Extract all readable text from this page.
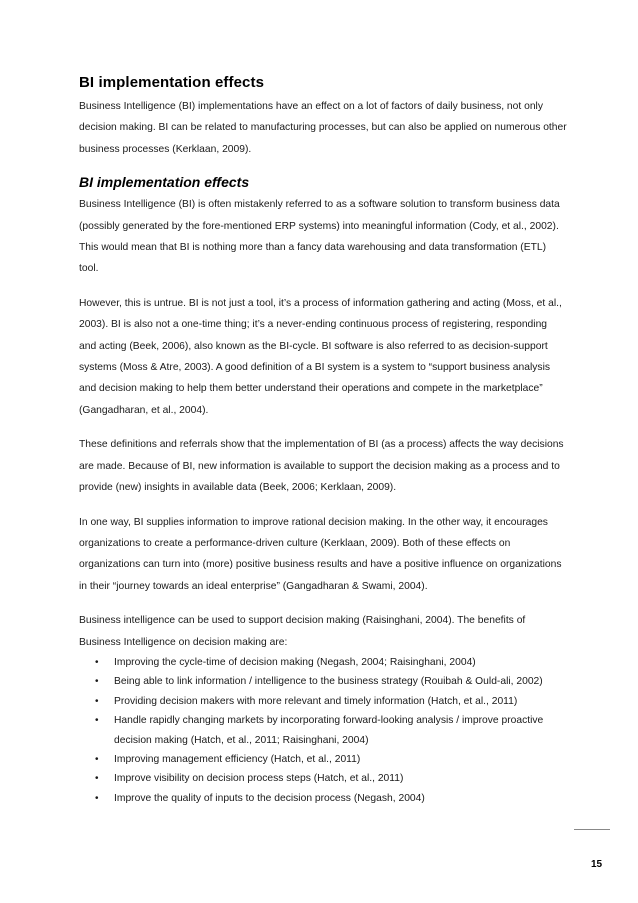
BI implementation effects

Business Intelligence (BI) implementations have an effect on a lot of factors of daily business, not only decision making. BI can be related to manufacturing processes, but can also be applied on numerous other business processes (Kerklaan, 2009).

BI implementation effects

Business Intelligence (BI) is often mistakenly referred to as a software solution to transform business data (possibly generated by the fore-mentioned ERP systems) into meaningful information (Cody, et al., 2002). This would mean that BI is nothing more than a fancy data warehousing and data transformation (ETL) tool.

However, this is untrue. BI is not just a tool, it’s a process of information gathering and acting (Moss, et al., 2003). BI is also not a one-time thing; it’s a never-ending continuous process of registering, responding and acting (Beek, 2006), also known as the BI-cycle. BI software is also referred to as decision-support systems (Moss & Atre, 2003). A good definition of a BI system is a system to “support business analysis and decision making to help them better understand their operations and compete in the marketplace” (Gangadharan, et al., 2004).

These definitions and referrals show that the implementation of BI (as a process) affects the way decisions are made. Because of BI, new information is available to support the decision making as a process and to provide (new) insights in available data (Beek, 2006; Kerklaan, 2009).

In one way, BI supplies information to improve rational decision making. In the other way, it encourages organizations to create a performance-driven culture (Kerklaan, 2009). Both of these effects on organizations can turn into (more) positive business results and have a positive influence on organizations in their “journey towards an ideal enterprise” (Gangadharan & Swami, 2004).

Business intelligence can be used to support decision making (Raisinghani, 2004). The benefits of Business Intelligence on decision making are:

• Improving the cycle-time of decision making (Negash, 2004; Raisinghani, 2004)
• Being able to link information / intelligence to the business strategy (Rouibah & Ould-ali, 2002)
• Providing decision makers with more relevant and timely information (Hatch, et al., 2011)
• Handle rapidly changing markets by incorporating forward-looking analysis / improve proactive decision making (Hatch, et al., 2011; Raisinghani, 2004)
• Improving management efficiency (Hatch, et al., 2011)
• Improve visibility on decision process steps (Hatch, et al., 2011)
• Improve the quality of inputs to the decision process (Negash, 2004)
15
